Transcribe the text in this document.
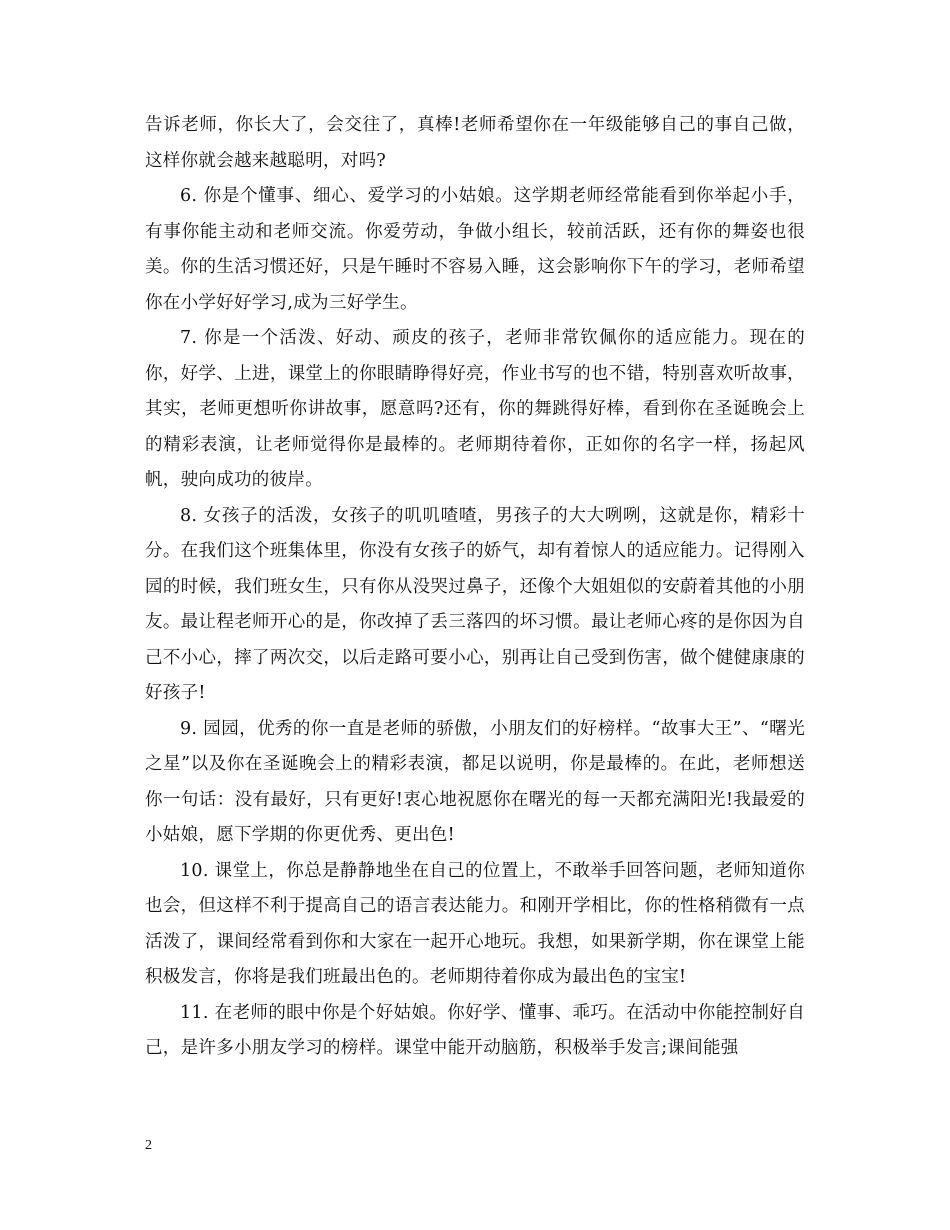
告诉老师，你长大了，会交往了，真棒!老师希望你在一年级能够自己的事自己做，这样你就会越来越聪明，对吗?

6. 你是个懂事、细心、爱学习的小姑娘。这学期老师经常能看到你举起小手，有事你能主动和老师交流。你爱劳动，争做小组长，较前活跃，还有你的舞姿也很美。你的生活习惯还好，只是午睡时不容易入睡，这会影响你下午的学习，老师希望你在小学好好学习,成为三好学生。

7. 你是一个活泼、好动、顽皮的孩子，老师非常钦佩你的适应能力。现在的你，好学、上进，课堂上的你眼睛睁得好亮，作业书写的也不错，特别喜欢听故事，其实，老师更想听你讲故事，愿意吗?还有，你的舞跳得好棒，看到你在圣诞晚会上的精彩表演，让老师觉得你是最棒的。老师期待着你，正如你的名字一样，扬起风帆，驶向成功的彼岸。

8. 女孩子的活泼，女孩子的叽叽喳喳，男孩子的大大咧咧，这就是你，精彩十分。在我们这个班集体里，你没有女孩子的娇气，却有着惊人的适应能力。记得刚入园的时候，我们班女生，只有你从没哭过鼻子，还像个大姐姐似的安蔚着其他的小朋友。最让程老师开心的是，你改掉了丢三落四的坏习惯。最让老师心疼的是你因为自己不小心，摔了两次交，以后走路可要小心，别再让自己受到伤害，做个健健康康的好孩子!

9. 园园，优秀的你一直是老师的骄傲，小朋友们的好榜样。“故事大王”、“曙光之星”以及你在圣诞晚会上的精彩表演，都足以说明，你是最棒的。在此，老师想送你一句话：没有最好，只有更好!衷心地祝愿你在曙光的每一天都充满阳光!我最爱的小姑娘，愿下学期的你更优秀、更出色!

10. 课堂上，你总是静静地坐在自己的位置上，不敢举手回答问题，老师知道你也会，但这样不利于提高自己的语言表达能力。和刚开学相比，你的性格稍微有一点活泼了，课间经常看到你和大家在一起开心地玩。我想，如果新学期，你在课堂上能积极发言，你将是我们班最出色的。老师期待着你成为最出色的宝宝!

11. 在老师的眼中你是个好姑娘。你好学、懂事、乖巧。在活动中你能控制好自己，是许多小朋友学习的榜样。课堂中能开动脑筋，积极举手发言;课间能强

2
